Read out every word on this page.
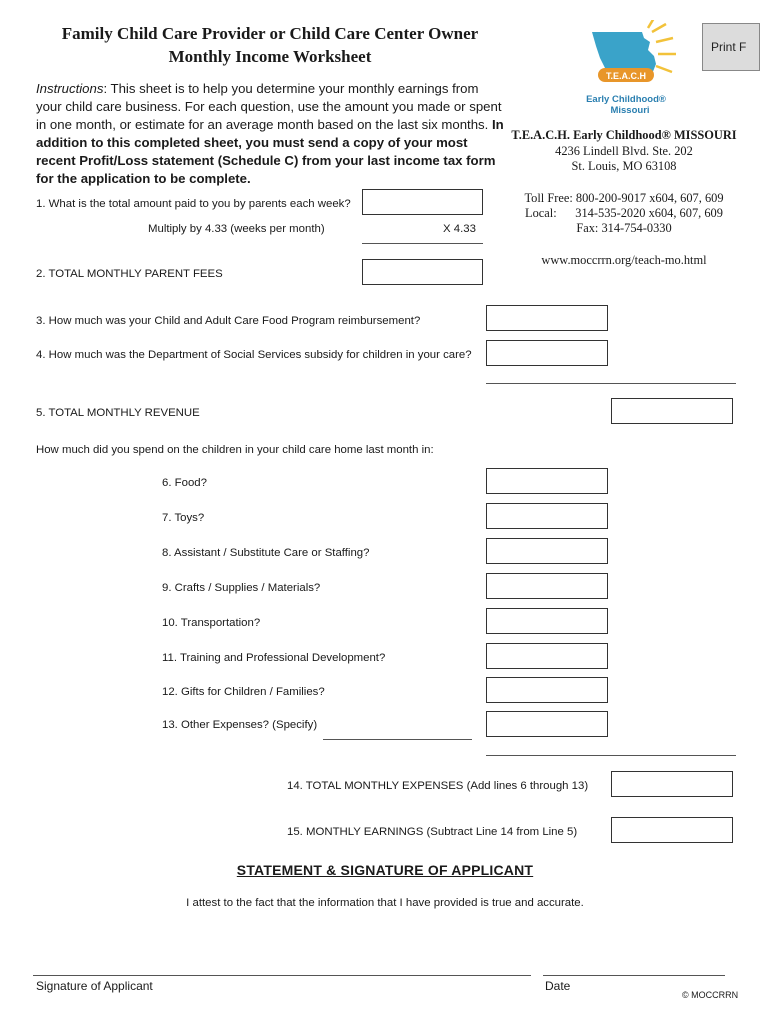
Family Child Care Provider or Child Care Center Owner
Monthly Income Worksheet	Print F
T.E.A.C.H
Early Childhood®
Missouri
Instructions: This sheet is to help you determine your monthly earnings from your child care business. For each question, use the amount you made or spent in one month, or estimate for an average month based on the last six months. In addition to this completed sheet, you must send a copy of your most recent Profit/Loss statement (Schedule C) from your last income tax form for the application to be complete.
T.E.A.C.H. Early Childhood® MISSOURI
4236 Lindell Blvd. Ste. 202
St. Louis, MO 63108
Toll Free: 800-200-9017 x604, 607, 609
Local:      314-535-2020 x604, 607, 609
Fax: 314-754-0330
www.moccrrn.org/teach-mo.html
1. What is the total amount paid to you by parents each week?
Multiply by 4.33 (weeks per month)	X 4.33
2. TOTAL MONTHLY PARENT FEES
3. How much was your Child and Adult Care Food Program reimbursement?
4. How much was the Department of Social Services subsidy for children in your care?
5. TOTAL MONTHLY REVENUE
How much did you spend on the children in your child care home last month in:
6. Food?
7. Toys?
8. Assistant / Substitute Care or Staffing?
9. Crafts / Supplies / Materials?
10. Transportation?
11. Training and Professional Development?
12. Gifts for Children / Families?
13. Other Expenses? (Specify)
14. TOTAL MONTHLY EXPENSES (Add lines 6 through 13)
15. MONTHLY EARNINGS (Subtract Line 14 from Line 5)
STATEMENT & SIGNATURE OF APPLICANT
I attest to the fact that the information that I have provided is true and accurate.
Signature of Applicant	Date
© MOCCRRN
